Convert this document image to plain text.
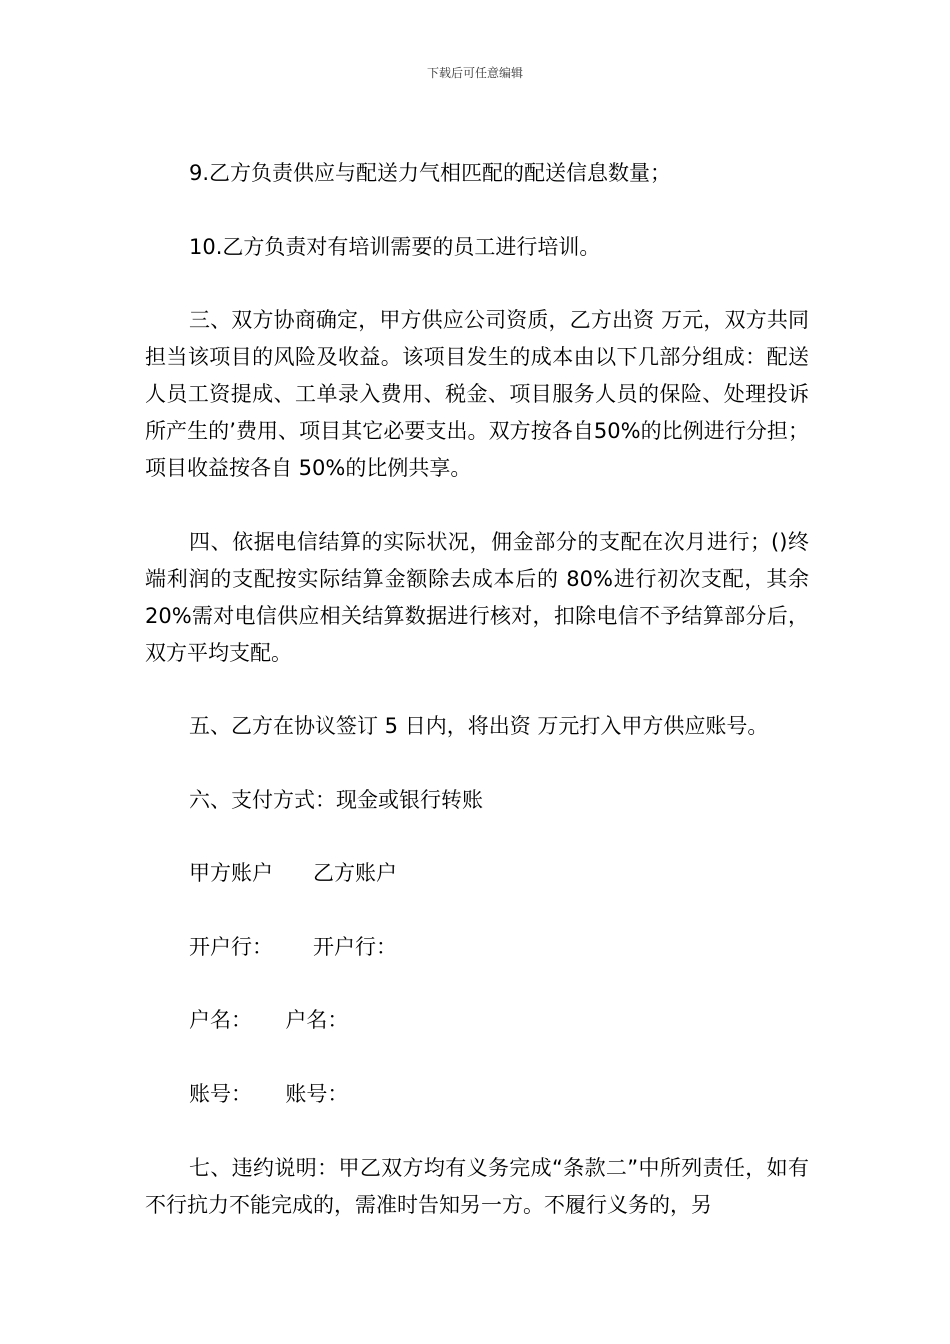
下载后可任意编辑
9.乙方负责供应与配送力气相匹配的配送信息数量；
10.乙方负责对有培训需要的员工进行培训。
三、双方协商确定，甲方供应公司资质，乙方出资 万元，双方共同担当该项目的风险及收益。该项目发生的成本由以下几部分组成：配送人员工资提成、工单录入费用、税金、项目服务人员的保险、处理投诉所产生的’费用、项目其它必要支出。双方按各自50%的比例进行分担；项目收益按各自 50%的比例共享。
四、依据电信结算的实际状况，佣金部分的支配在次月进行；()终端利润的支配按实际结算金额除去成本后的 80%进行初次支配，其余 20%需对电信供应相关结算数据进行核对，扣除电信不予结算部分后，双方平均支配。
五、乙方在协议签订 5 日内，将出资 万元打入甲方供应账号。
六、支付方式：现金或银行转账
甲方账户      乙方账户
开户行：      开户行：
户名：     户名：
账号：     账号：
七、违约说明：甲乙双方均有义务完成“条款二”中所列责任，如有不行抗力不能完成的，需准时告知另一方。不履行义务的，另
